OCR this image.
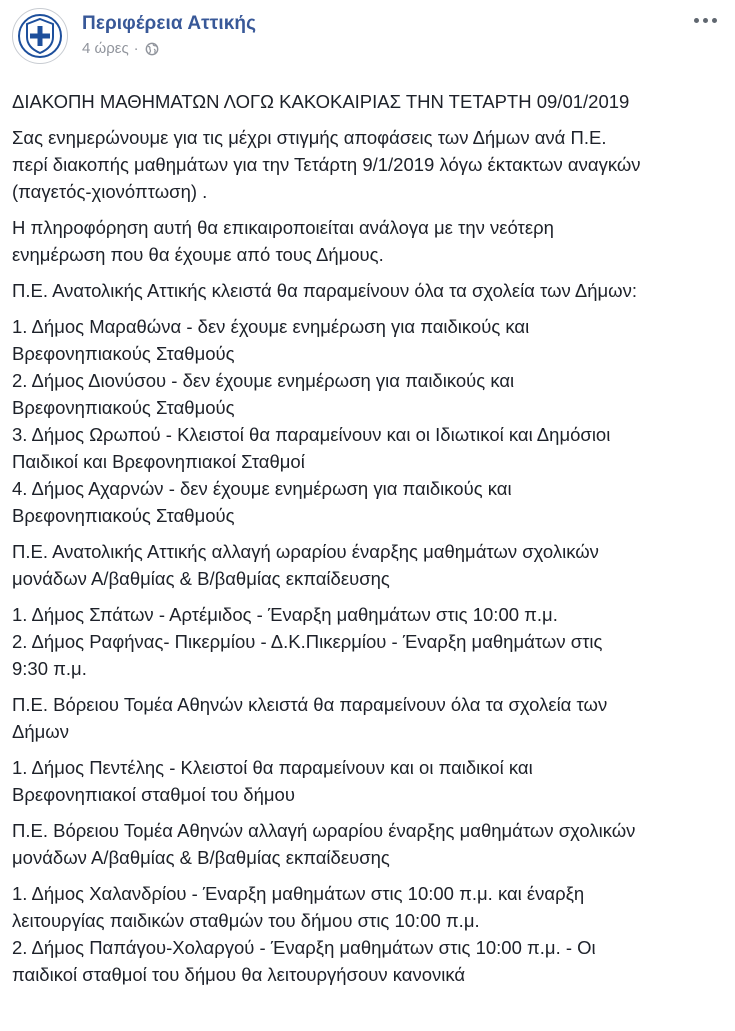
Περιφέρεια Αττικής
4 ώρες ·

ΔΙΑΚΟΠΗ ΜΑΘΗΜΑΤΩΝ ΛΟΓΩ ΚΑΚΟΚΑΙΡΙΑΣ ΤΗΝ ΤΕΤΑΡΤΗ 09/01/2019

Σας ενημερώνουμε για τις μέχρι στιγμής αποφάσεις των Δήμων ανά Π.Ε.
περί διακοπής μαθημάτων για την Τετάρτη 9/1/2019 λόγω έκτακτων αναγκών
(παγετός-χιονόπτωση) .

Η πληροφόρηση αυτή θα επικαιροποιείται ανάλογα με την νεότερη
ενημέρωση που θα έχουμε από τους Δήμους.

Π.Ε. Ανατολικής Αττικής κλειστά θα παραμείνουν όλα τα σχολεία των Δήμων:

1. Δήμος Μαραθώνα - δεν έχουμε ενημέρωση για παιδικούς και
Βρεφονηπιακούς Σταθμούς
2. Δήμος Διονύσου - δεν έχουμε ενημέρωση για παιδικούς και
Βρεφονηπιακούς Σταθμούς
3. Δήμος Ωρωπού - Κλειστοί θα παραμείνουν και οι Ιδιωτικοί και Δημόσιοι
Παιδικοί και Βρεφονηπιακοί Σταθμοί
4. Δήμος Αχαρνών - δεν έχουμε ενημέρωση για παιδικούς και
Βρεφονηπιακούς Σταθμούς

Π.Ε. Ανατολικής Αττικής αλλαγή ωραρίου έναρξης μαθημάτων σχολικών
μονάδων Α/βαθμίας & Β/βαθμίας εκπαίδευσης

1. Δήμος Σπάτων - Αρτέμιδος - Έναρξη μαθημάτων στις 10:00 π.μ.
2. Δήμος Ραφήνας- Πικερμίου - Δ.Κ.Πικερμίου - Έναρξη μαθημάτων στις
9:30 π.μ.

Π.Ε. Βόρειου Τομέα Αθηνών κλειστά θα παραμείνουν όλα τα σχολεία των
Δήμων

1. Δήμος Πεντέλης - Κλειστοί θα παραμείνουν και οι παιδικοί και
Βρεφονηπιακοί σταθμοί του δήμου

Π.Ε. Βόρειου Τομέα Αθηνών αλλαγή ωραρίου έναρξης μαθημάτων σχολικών
μονάδων Α/βαθμίας & Β/βαθμίας εκπαίδευσης

1. Δήμος Χαλανδρίου - Έναρξη μαθημάτων στις 10:00 π.μ. και έναρξη
λειτουργίας παιδικών σταθμών του δήμου στις 10:00 π.μ.
2. Δήμος Παπάγου-Χολαργού - Έναρξη μαθημάτων στις 10:00 π.μ. - Οι
παιδικοί σταθμοί του δήμου θα λειτουργήσουν κανονικά
